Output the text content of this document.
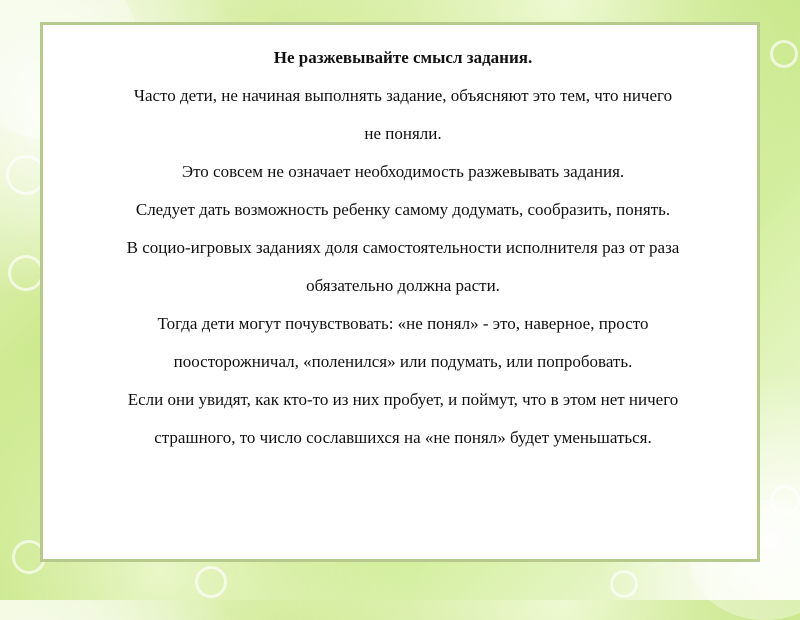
Не разжевывайте смысл задания.
Часто дети, не начиная выполнять задание, объясняют это тем, что ничего
не поняли.
Это совсем не означает необходимость разжевывать задания.
Следует дать возможность ребенку самому додумать, сообразить, понять.
В социо-игровых заданиях доля самостоятельности исполнителя раз от раза
обязательно должна расти.
Тогда дети могут почувствовать: «не понял» - это, наверное, просто
поосторожничал, «поленился» или подумать, или попробовать.
Если они увидят, как кто-то из них пробует, и поймут, что в этом нет ничего
страшного, то число сославшихся на «не понял» будет уменьшаться.
